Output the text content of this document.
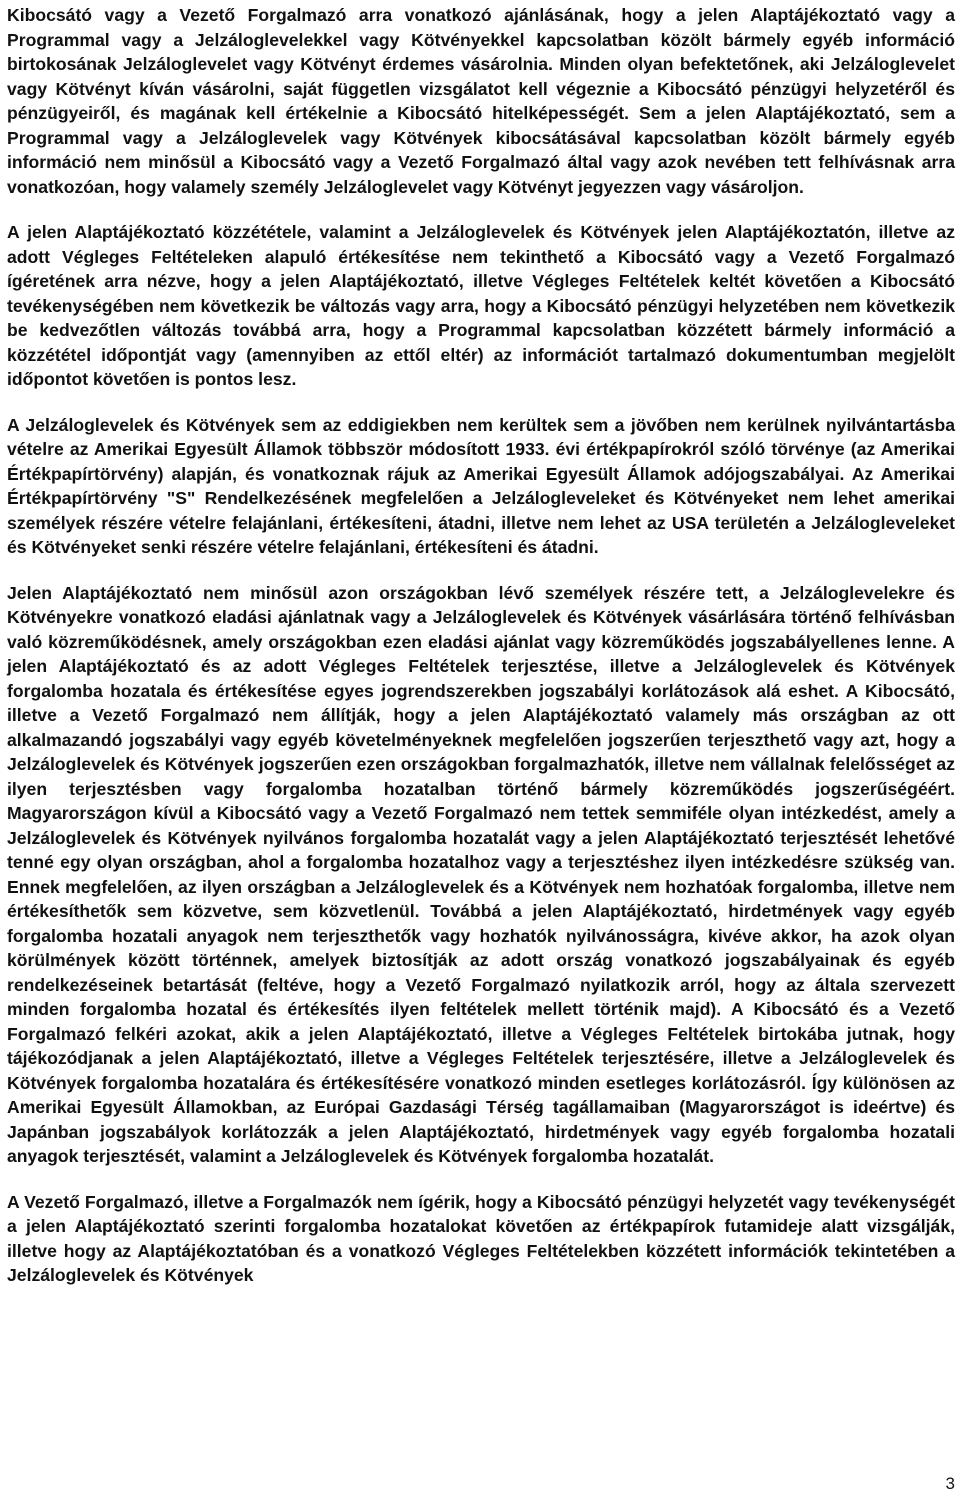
Kibocsátó vagy a Vezető Forgalmazó arra vonatkozó ajánlásának, hogy a jelen Alaptájékoztató vagy a Programmal vagy a Jelzáloglevelekkel vagy Kötvényekkel kapcsolatban közölt bármely egyéb információ birtokosának Jelzáloglevelet vagy Kötvényt érdemes vásárolnia. Minden olyan befektetőnek, aki Jelzáloglevelet vagy Kötvényt kíván vásárolni, saját független vizsgálatot kell végeznie a Kibocsátó pénzügyi helyzetéről és pénzügyeiről, és magának kell értékelnie a Kibocsátó hitelképességét. Sem a jelen Alaptájékoztató, sem a Programmal vagy a Jelzáloglevelek vagy Kötvények kibocsátásával kapcsolatban közölt bármely egyéb információ nem minősül a Kibocsátó vagy a Vezető Forgalmazó által vagy azok nevében tett felhívásnak arra vonatkozóan, hogy valamely személy Jelzáloglevelet vagy Kötvényt jegyezzen vagy vásároljon.

A jelen Alaptájékoztató közzététele, valamint a Jelzáloglevelek és Kötvények jelen Alaptájékoztatón, illetve az adott Végleges Feltételeken alapuló értékesítése nem tekinthető a Kibocsátó vagy a Vezető Forgalmazó ígéretének arra nézve, hogy a jelen Alaptájékoztató, illetve Végleges Feltételek keltét követően a Kibocsátó tevékenységében nem következik be változás vagy arra, hogy a Kibocsátó pénzügyi helyzetében nem következik be kedvezőtlen változás továbbá arra, hogy a Programmal kapcsolatban közzétett bármely információ a közzététel időpontját vagy (amennyiben az ettől eltér) az információt tartalmazó dokumentumban megjelölt időpontot követően is pontos lesz.

A Jelzáloglevelek és Kötvények sem az eddigiekben nem kerültek sem a jövőben nem kerülnek nyilvántartásba vételre az Amerikai Egyesült Államok többször módosított 1933. évi értékpapírokról szóló törvénye (az Amerikai Értékpapírtörvény) alapján, és vonatkoznak rájuk az Amerikai Egyesült Államok adójogszabályai. Az Amerikai Értékpapírtörvény "S" Rendelkezésének megfelelően a Jelzálogleveleket és Kötvényeket nem lehet amerikai személyek részére vételre felajánlani, értékesíteni, átadni, illetve nem lehet az USA területén a Jelzálogleveleket és Kötvényeket senki részére vételre felajánlani, értékesíteni és átadni.

Jelen Alaptájékoztató nem minősül azon országokban lévő személyek részére tett, a Jelzáloglevelekre és Kötvényekre vonatkozó eladási ajánlatnak vagy a Jelzáloglevelek és Kötvények vásárlására történő felhívásban való közreműködésnek, amely országokban ezen eladási ajánlat vagy közreműködés jogszabályellenes lenne. A jelen Alaptájékoztató és az adott Végleges Feltételek terjesztése, illetve a Jelzáloglevelek és Kötvények forgalomba hozatala és értékesítése egyes jogrendszerekben jogszabályi korlátozások alá eshet. A Kibocsátó, illetve a Vezető Forgalmazó nem állítják, hogy a jelen Alaptájékoztató valamely más országban az ott alkalmazandó jogszabályi vagy egyéb követelményeknek megfelelően jogszerűen terjeszthető vagy azt, hogy a Jelzáloglevelek és Kötvények jogszerűen ezen országokban forgalmazhatók, illetve nem vállalnak felelősséget az ilyen terjesztésben vagy forgalomba hozatalban történő bármely közreműködés jogszerűségéért. Magyarországon kívül a Kibocsátó vagy a Vezető Forgalmazó nem tettek semmiféle olyan intézkedést, amely a Jelzáloglevelek és Kötvények nyilvános forgalomba hozatalát vagy a jelen Alaptájékoztató terjesztését lehetővé tenné egy olyan országban, ahol a forgalomba hozatalhoz vagy a terjesztéshez ilyen intézkedésre szükség van. Ennek megfelelően, az ilyen országban a Jelzáloglevelek és a Kötvények nem hozhatóak forgalomba, illetve nem értékesíthetők sem közvetve, sem közvetlenül. Továbbá a jelen Alaptájékoztató, hirdetmények vagy egyéb forgalomba hozatali anyagok nem terjeszthetők vagy hozhatók nyilvánosságra, kivéve akkor, ha azok olyan körülmények között történnek, amelyek biztosítják az adott ország vonatkozó jogszabályainak és egyéb rendelkezéseinek betartását (feltéve, hogy a Vezető Forgalmazó nyilatkozik arról, hogy az általa szervezett minden forgalomba hozatal és értékesítés ilyen feltételek mellett történik majd). A Kibocsátó és a Vezető Forgalmazó felkéri azokat, akik a jelen Alaptájékoztató, illetve a Végleges Feltételek birtokába jutnak, hogy tájékozódjanak a jelen Alaptájékoztató, illetve a Végleges Feltételek terjesztésére, illetve a Jelzáloglevelek és Kötvények forgalomba hozatalára és értékesítésére vonatkozó minden esetleges korlátozásról. Így különösen az Amerikai Egyesült Államokban, az Európai Gazdasági Térség tagállamaiban (Magyarországot is ideértve) és Japánban jogszabályok korlátozzák a jelen Alaptájékoztató, hirdetmények vagy egyéb forgalomba hozatali anyagok terjesztését, valamint a Jelzáloglevelek és Kötvények forgalomba hozatalát.

A Vezető Forgalmazó, illetve a Forgalmazók nem ígérik, hogy a Kibocsátó pénzügyi helyzetét vagy tevékenységét a jelen Alaptájékoztató szerinti forgalomba hozatalokat követően az értékpapírok futamideje alatt vizsgálják, illetve hogy az Alaptájékoztatóban és a vonatkozó Végleges Feltételekben közzétett információk tekintetében a Jelzáloglevelek és Kötvények

3
